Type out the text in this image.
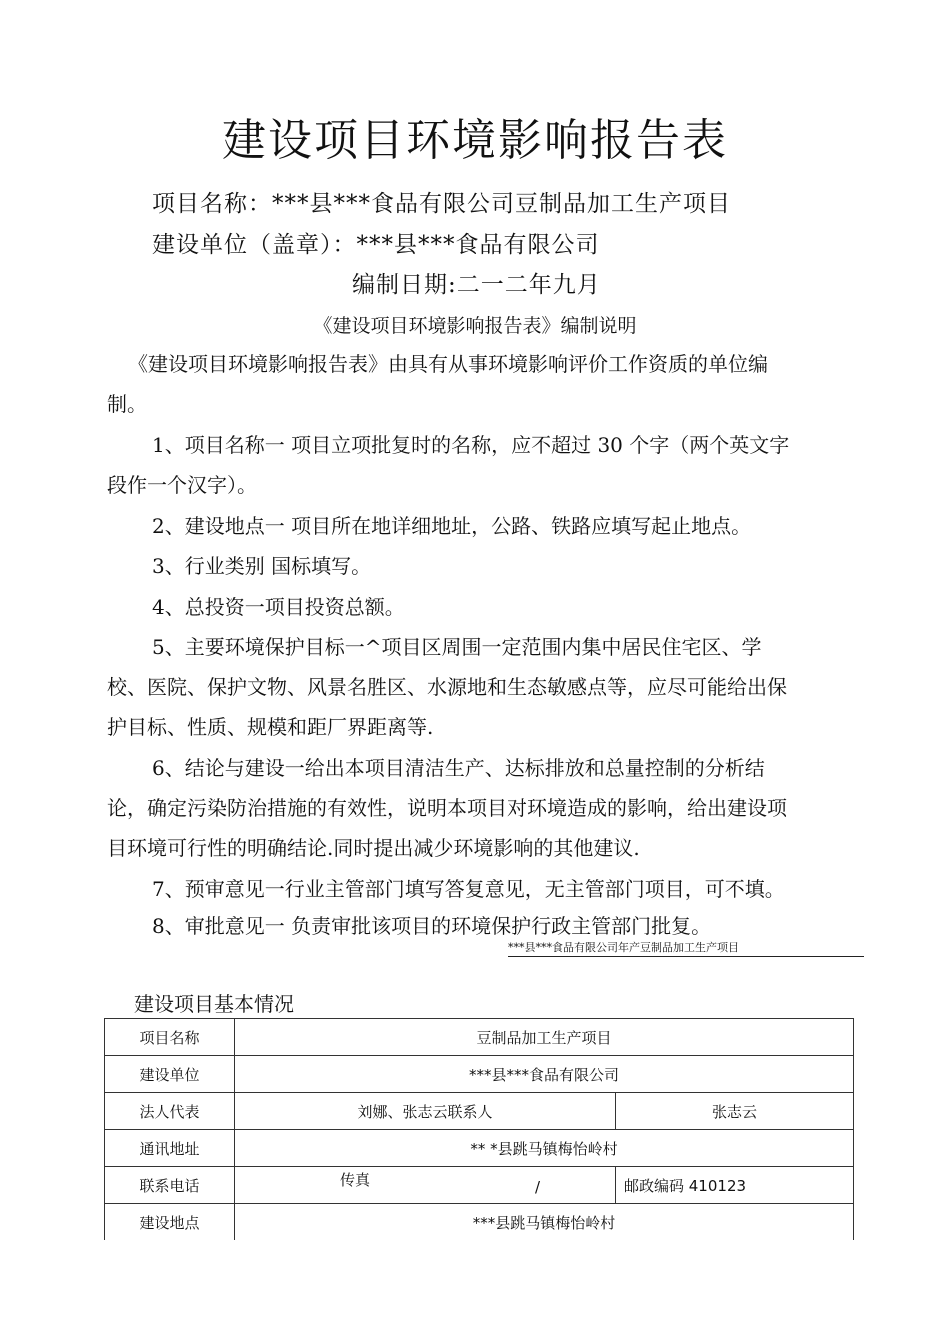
建设项目环境影响报告表
项目名称：***县***食品有限公司豆制品加工生产项目
建设单位（盖章）：***县***食品有限公司
编制日期:二一二年九月
《建设项目环境影响报告表》编制说明
《建设项目环境影响报告表》由具有从事环境影响评价工作资质的单位编
制。
1、项目名称一 项目立项批复时的名称，应不超过 30 个字（两个英文字
段作一个汉字）。
2、建设地点一 项目所在地详细地址，公路、铁路应填写起止地点。
3、行业类别 国标填写。
4、总投资一项目投资总额。
5、主要环境保护目标一^项目区周围一定范围内集中居民住宅区、学
校、医院、保护文物、风景名胜区、水源地和生态敏感点等，应尽可能给出保
护目标、性质、规模和距厂界距离等.
6、结论与建设一给出本项目清洁生产、达标排放和总量控制的分析结
论，确定污染防治措施的有效性，说明本项目对环境造成的影响，给出建设项
目环境可行性的明确结论.同时提出减少环境影响的其他建议.
7、预审意见一行业主管部门填写答复意见，无主管部门项目，可不填。
8、审批意见一 负责审批该项目的环境保护行政主管部门批复。
***县***食品有限公司年产豆制品加工生产项目
建设项目基本情况
项目名称	豆制品加工生产项目	
建设单位	***县***食品有限公司	
法人代表	刘娜、张志云联系人	张志云
通讯地址	** *县跳马镇梅怡岭村	
联系电话	传真 /	邮政编码 410123
建设地点	***县跳马镇梅怡岭村	
